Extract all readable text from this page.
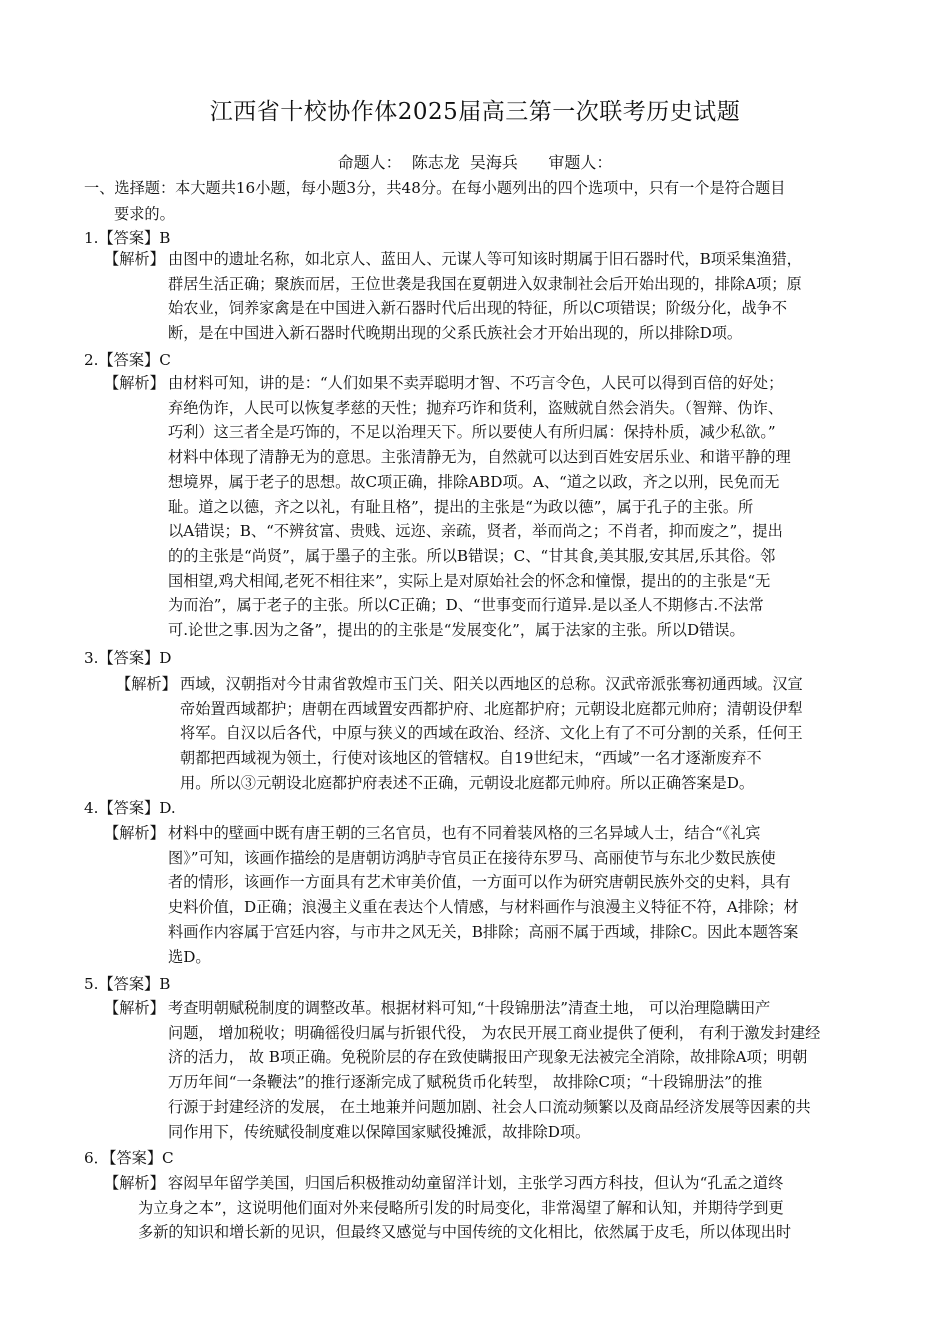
江西省十校协作体2025届高三第一次联考历史试题
命题人：  陈志龙  吴海兵      审题人：
一、选择题：本大题共16小题，每小题3分，共48分。在每小题列出的四个选项中，只有一个是符合题目
要求的。
1.【答案】B
【解析】 由图中的遗址名称，如北京人、蓝田人、元谋人等可知该时期属于旧石器时代，B项采集渔猎，
群居生活正确；聚族而居，王位世袭是我国在夏朝进入奴隶制社会后开始出现的，排除A项；原
始农业，饲养家禽是在中国进入新石器时代后出现的特征，所以C项错误；阶级分化，战争不
断，是在中国进入新石器时代晚期出现的父系氏族社会才开始出现的，所以排除D项。
2.【答案】C
【解析】 由材料可知，讲的是：“人们如果不卖弄聪明才智、不巧言令色，人民可以得到百倍的好处；
弃绝伪诈，人民可以恢复孝慈的天性；抛弃巧诈和货利，盗贼就自然会消失。（智辩、伪诈、
巧利）这三者全是巧饰的，不足以治理天下。所以要使人有所归属：保持朴质，减少私欲。”
材料中体现了清静无为的意思。主张清静无为，自然就可以达到百姓安居乐业、和谐平静的理
想境界，属于老子的思想。故C项正确，排除ABD项。A、“道之以政，齐之以刑，民免而无
耻。道之以德，齐之以礼，有耻且格”，提出的主张是“为政以德”，属于孔子的主张。所
以A错误；B、“不辨贫富、贵贱、远迩、亲疏，贤者，举而尚之；不肖者，抑而废之”，提出
的的主张是“尚贤”，属于墨子的主张。所以B错误；C、“甘其食,美其服,安其居,乐其俗。邻
国相望,鸡犬相闻,老死不相往来”，实际上是对原始社会的怀念和憧憬，提出的的主张是“无
为而治”，属于老子的主张。所以C正确；D、“世事变而行道异.是以圣人不期修古.不法常
可.论世之事.因为之备”，提出的的主张是“发展变化”，属于法家的主张。所以D错误。
3.【答案】D
【解析】 西域，汉朝指对今甘肃省敦煌市玉门关、阳关以西地区的总称。汉武帝派张骞初通西域。汉宣
帝始置西域都护；唐朝在西域置安西都护府、北庭都护府；元朝设北庭都元帅府；清朝设伊犁
将军。自汉以后各代，中原与狭义的西域在政治、经济、文化上有了不可分割的关系，任何王
朝都把西域视为领土，行使对该地区的管辖权。自19世纪末，“西域”一名才逐渐废弃不
用。所以③元朝设北庭都护府表述不正确，元朝设北庭都元帅府。所以正确答案是D。
4.【答案】D.
【解析】 材料中的壁画中既有唐王朝的三名官员，也有不同着装风格的三名异域人士，结合“《礼宾
图》”可知，该画作描绘的是唐朝访鸿胪寺官员正在接待东罗马、高丽使节与东北少数民族使
者的情形，该画作一方面具有艺术审美价值，一方面可以作为研究唐朝民族外交的史料，具有
史料价值，D正确；浪漫主义重在表达个人情感，与材料画作与浪漫主义特征不符，A排除；材
料画作内容属于宫廷内容，与市井之风无关，B排除；高丽不属于西域，排除C。因此本题答案
选D。
5.【答案】B
【解析】 考查明朝赋税制度的调整改革。根据材料可知,“十段锦册法”清查土地， 可以治理隐瞒田产
问题， 增加税收；明确徭役归属与折银代役， 为农民开展工商业提供了便利， 有利于激发封建经
济的活力， 故 B项正确。免税阶层的存在致使瞒报田产现象无法被完全消除，故排除A项；明朝
万历年间“一条鞭法”的推行逐渐完成了赋税货币化转型， 故排除C项；“十段锦册法”的推
行源于封建经济的发展， 在土地兼并问题加剧、社会人口流动频繁以及商品经济发展等因素的共
同作用下，传统赋役制度难以保障国家赋役摊派，故排除D项。
6．【答案】C
【解析】 容闳早年留学美国，归国后积极推动幼童留洋计划，主张学习西方科技，但认为“孔孟之道终
为立身之本”，这说明他们面对外来侵略所引发的时局变化，非常渴望了解和认知，并期待学到更
多新的知识和增长新的见识，但最终又感觉与中国传统的文化相比，依然属于皮毛，所以体现出时
